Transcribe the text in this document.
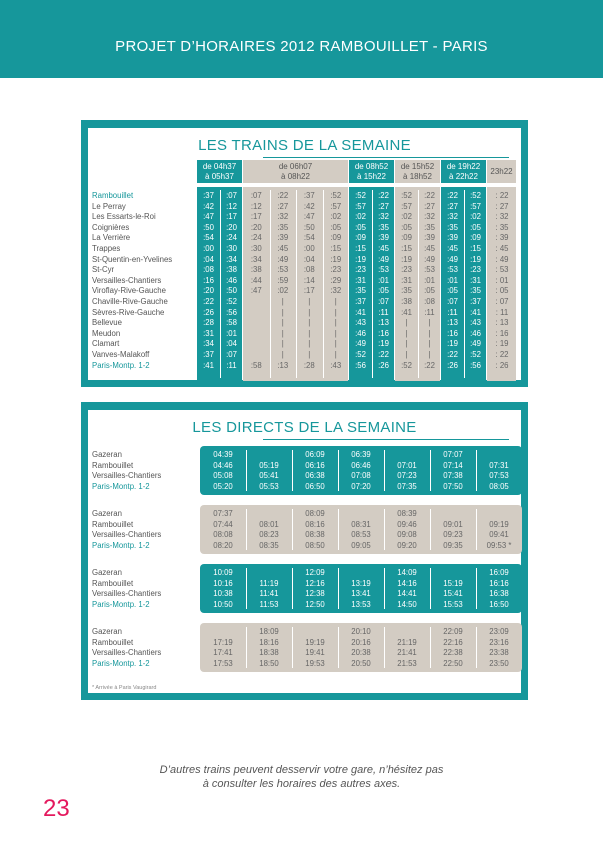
PROJET D’HORAIRES 2012 RAMBOUILLET - PARIS
LES TRAINS DE LA SEMAINE
Rambouillet
Le Perray
Les Essarts-le-Roi
Coignières
La Verrière
Trappes
St-Quentin-en-Yvelines
St-Cyr
Versailles-Chantiers
Viroflay-Rive-Gauche
Chaville-Rive-Gauche
Sèvres-Rive-Gauche
Bellevue
Meudon
Clamart
Vanves-Malakoff
Paris-Montp. 1-2
de 04h37
à 05h37
:37
:42
:47
:50
:54
:00
:04
:08
:16
:20
:22
:26
:28
:31
:34
:37
:41
:07
:12
:17
:20
:24
:30
:34
:38
:46
:50
:52
:56
:58
:01
:04
:07
:11
de 06h07
à 08h22
:07
:12
:17
:20
:24
:30
:34
:38
:44
:47
:58
:22
:27
:32
:35
:39
:45
:49
:53
:59
:02
|
|
|
|
|
|
:13
:37
:42
:47
:50
:54
:00
:04
:08
:14
:17
|
|
|
|
|
|
:28
:52
:57
:02
:05
:09
:15
:19
:23
:29
:32
|
|
|
|
|
|
:43
de 08h52
à 15h22
:52
:57
:02
:05
:09
:15
:19
:23
:31
:35
:37
:41
:43
:46
:49
:52
:56
:22
:27
:32
:35
:39
:45
:49
:53
:01
:05
:07
:11
:13
:16
:19
:22
:26
de 15h52
à 18h52
:52
:57
:02
:05
:09
:15
:19
:23
:31
:35
:38
:41
|
|
|
|
:52
:22
:27
:32
:35
:39
:45
:49
:53
:01
:05
:08
:11
|
|
|
|
:22
de 19h22
à 22h22
:22
:27
:32
:35
:39
:45
:49
:53
:01
:05
:07
:11
:13
:16
:19
:22
:26
:52
:57
:02
:05
:09
:15
:19
:23
:31
:35
:37
:41
:43
:46
:49
:52
:56
23h22
: 22
: 27
: 32
: 35
: 39
: 45
: 49
: 53
: 01
: 05
: 07
: 11
: 13
: 16
: 19
: 22
: 26
LES DIRECTS DE LA SEMAINE
* Arrivée à Paris Vaugirard
Gazeran
Rambouillet
Versailles-Chantiers
Paris-Montp. 1-2
04:39
04:46
05:08
05:20
05:19
05:41
05:53
06:09
06:16
06:38
06:50
06:39
06:46
07:08
07:20
07:01
07:23
07:35
07:07
07:14
07:38
07:50
07:31
07:53
08:05
Gazeran
Rambouillet
Versailles-Chantiers
Paris-Montp. 1-2
07:37
07:44
08:08
08:20
08:01
08:23
08:35
08:09
08:16
08:38
08:50
08:31
08:53
09:05
08:39
09:46
09:08
09:20
09:01
09:23
09:35
09:19
09:41
09:53 *
Gazeran
Rambouillet
Versailles-Chantiers
Paris-Montp. 1-2
10:09
10:16
10:38
10:50
11:19
11:41
11:53
12:09
12:16
12:38
12:50
13:19
13:41
13:53
14:09
14:16
14:41
14:50
15:19
15:41
15:53
16:09
16:16
16:38
16:50
Gazeran
Rambouillet
Versailles-Chantiers
Paris-Montp. 1-2
17:19
17:41
17:53
18:09
18:16
18:38
18:50
19:19
19:41
19:53
20:10
20:16
20:38
20:50
21:19
21:41
21:53
22:09
22:16
22:38
22:50
23:09
23:16
23:38
23:50
D’autres trains peuvent desservir votre gare, n’hésitez pas
à consulter les horaires des autres axes.
23
